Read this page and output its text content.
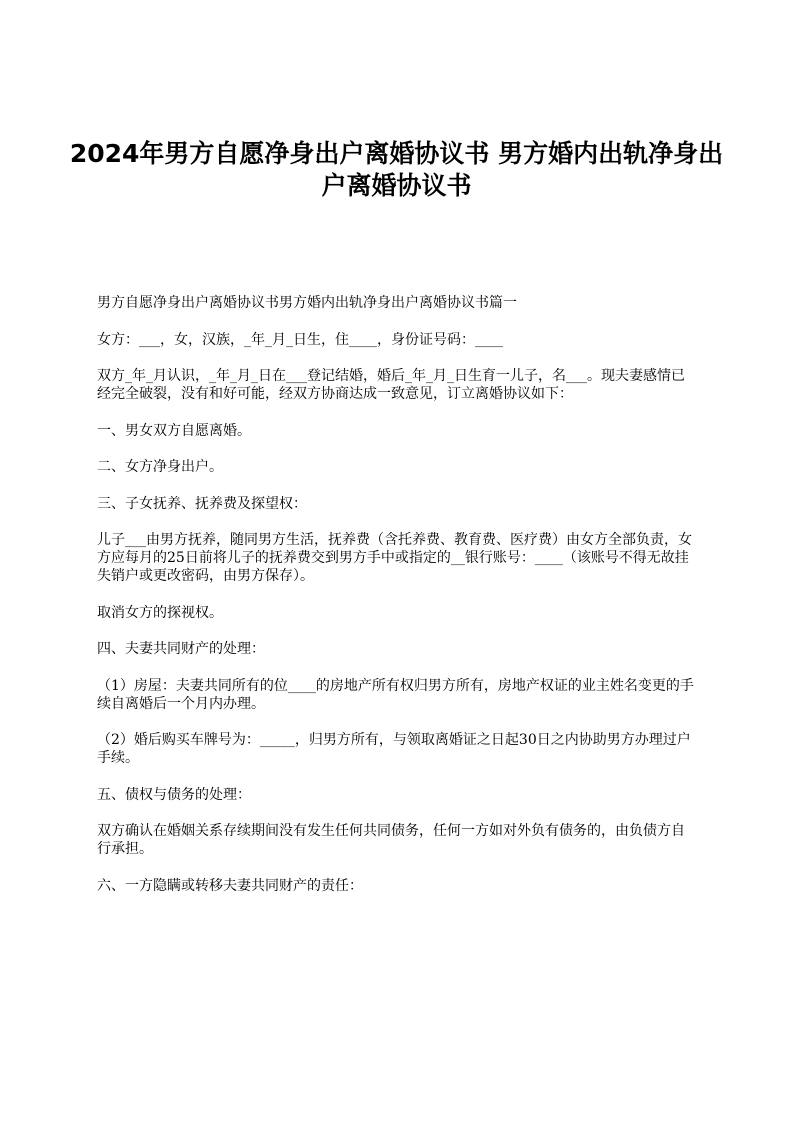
2024年男方自愿净身出户离婚协议书 男方婚内出轨净身出户离婚协议书

男方自愿净身出户离婚协议书男方婚内出轨净身出户离婚协议书篇一

女方：___，女，汉族，_年_月_日生，住____，身份证号码：____

双方_年_月认识，_年_月_日在___登记结婚，婚后_年_月_日生育一儿子，名___。现夫妻感情已经完全破裂，没有和好可能，经双方协商达成一致意见，订立离婚协议如下：

一、男女双方自愿离婚。

二、女方净身出户。

三、子女抚养、抚养费及探望权：

儿子___由男方抚养，随同男方生活，抚养费（含托养费、教育费、医疗费）由女方全部负责，女方应每月的25日前将儿子的抚养费交到男方手中或指定的__银行账号：____（该账号不得无故挂失销户或更改密码，由男方保存）。

取消女方的探视权。

四、夫妻共同财产的处理：

（1）房屋：夫妻共同所有的位____的房地产所有权归男方所有，房地产权证的业主姓名变更的手续自离婚后一个月内办理。

（2）婚后购买车牌号为：_____，归男方所有，与领取离婚证之日起30日之内协助男方办理过户手续。

五、债权与债务的处理：

双方确认在婚姻关系存续期间没有发生任何共同债务，任何一方如对外负有债务的，由负债方自行承担。

六、一方隐瞒或转移夫妻共同财产的责任：
